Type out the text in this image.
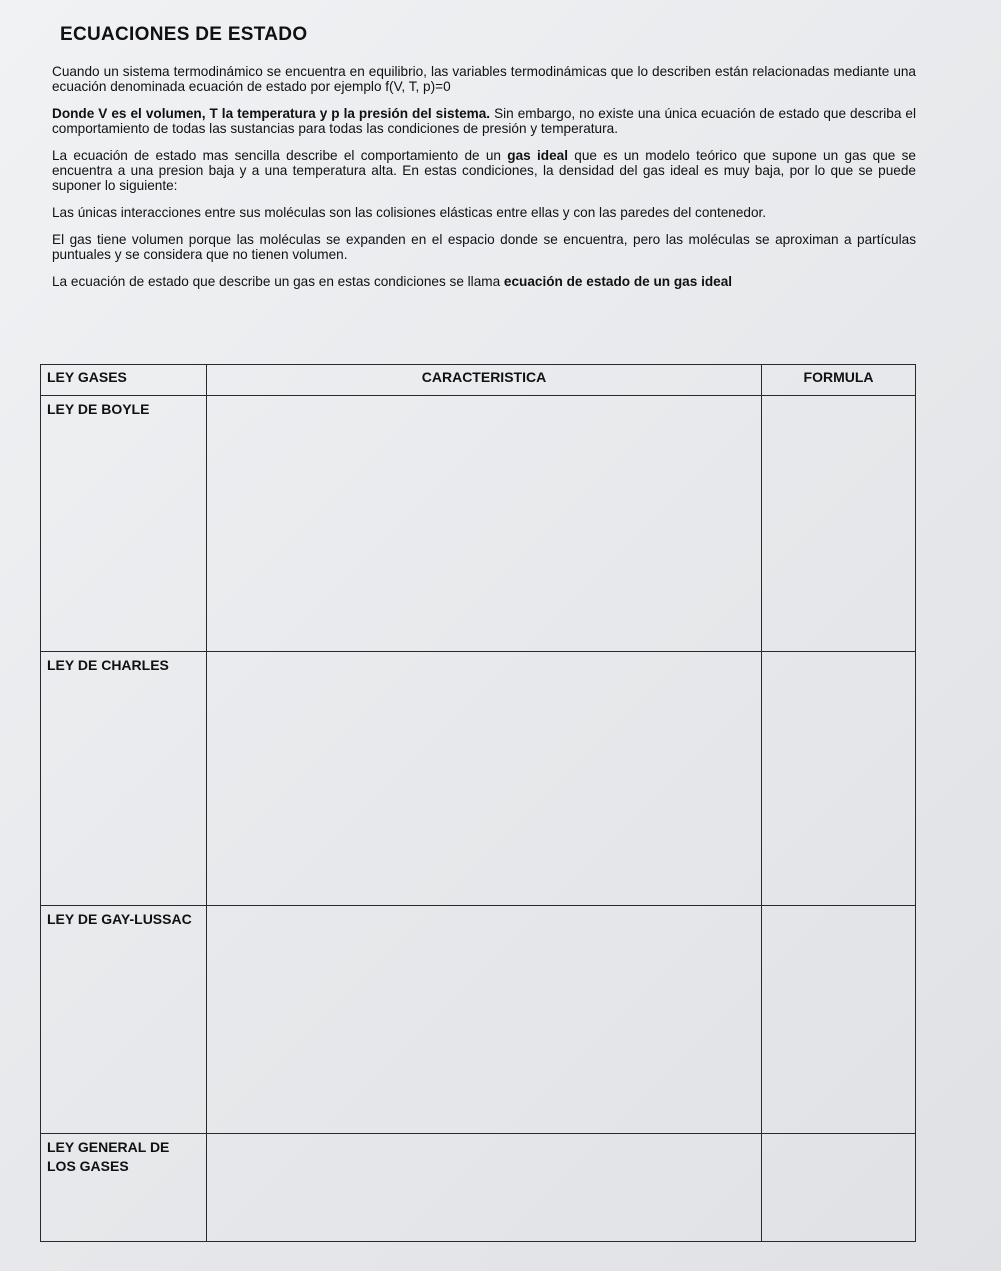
ECUACIONES DE ESTADO

Cuando un sistema termodinámico se encuentra en equilibrio, las variables termodinámicas que lo describen están relacionadas mediante una ecuación denominada ecuación de estado por ejemplo f(V, T, p)=0

Donde V es el volumen, T la temperatura y p la presión del sistema. Sin embargo, no existe una única ecuación de estado que describa el comportamiento de todas las sustancias para todas las condiciones de presión y temperatura.

La ecuación de estado mas sencilla describe el comportamiento de un gas ideal que es un modelo teórico que supone un gas que se encuentra a una presion baja y a una temperatura alta. En estas condiciones, la densidad del gas ideal es muy baja, por lo que se puede suponer lo siguiente:

Las únicas interacciones entre sus moléculas son las colisiones elásticas entre ellas y con las paredes del contenedor.

El gas tiene volumen porque las moléculas se expanden en el espacio donde se encuentra, pero las moléculas se aproximan a partículas puntuales y se considera que no tienen volumen.

La ecuación de estado que describe un gas en estas condiciones se llama ecuación de estado de un gas ideal

LEY GASES	CARACTERISTICA	FORMULA
LEY DE BOYLE		
LEY DE CHARLES		
LEY DE GAY-LUSSAC		
LEY GENERAL DE LOS GASES		
